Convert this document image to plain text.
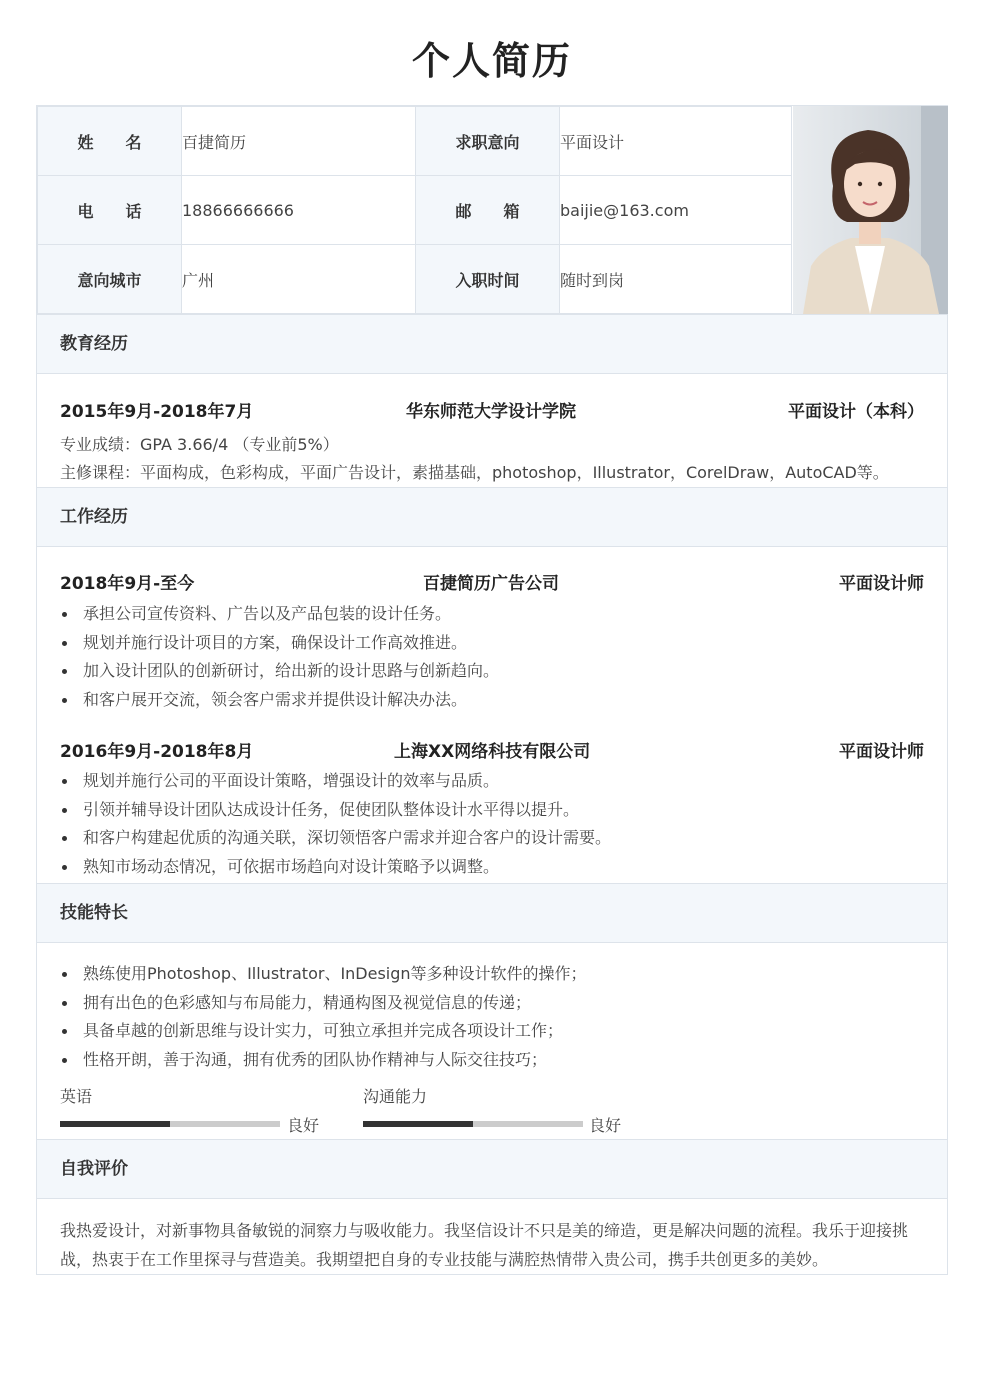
个人简历
姓　　名	百捷简历	求职意向	平面设计
电　　话	18866666666	邮　　箱	baijie@163.com
意向城市	广州	入职时间	随时到岗
教育经历
2015年9月-2018年7月	华东师范大学设计学院	平面设计（本科）
专业成绩：GPA 3.66/4 （专业前5%）
主修课程：平面构成，色彩构成，平面广告设计，素描基础，photoshop，Illustrator，CorelDraw，AutoCAD等。
工作经历
2018年9月-至今	百捷简历广告公司	平面设计师
承担公司宣传资料、广告以及产品包装的设计任务。
规划并施行设计项目的方案，确保设计工作高效推进。
加入设计团队的创新研讨，给出新的设计思路与创新趋向。
和客户展开交流，领会客户需求并提供设计解决办法。
2016年9月-2018年8月	上海XX网络科技有限公司	平面设计师
规划并施行公司的平面设计策略，增强设计的效率与品质。
引领并辅导设计团队达成设计任务，促使团队整体设计水平得以提升。
和客户构建起优质的沟通关联，深切领悟客户需求并迎合客户的设计需要。
熟知市场动态情况，可依据市场趋向对设计策略予以调整。
技能特长
熟练使用Photoshop、Illustrator、InDesign等多种设计软件的操作；
拥有出色的色彩感知与布局能力，精通构图及视觉信息的传递；
具备卓越的创新思维与设计实力，可独立承担并完成各项设计工作；
性格开朗，善于沟通，拥有优秀的团队协作精神与人际交往技巧；
英语
良好
沟通能力
良好
自我评价
我热爱设计，对新事物具备敏锐的洞察力与吸收能力。我坚信设计不只是美的缔造，更是解决问题的流程。我乐于迎接挑战，热衷于在工作里探寻与营造美。我期望把自身的专业技能与满腔热情带入贵公司，携手共创更多的美妙。
